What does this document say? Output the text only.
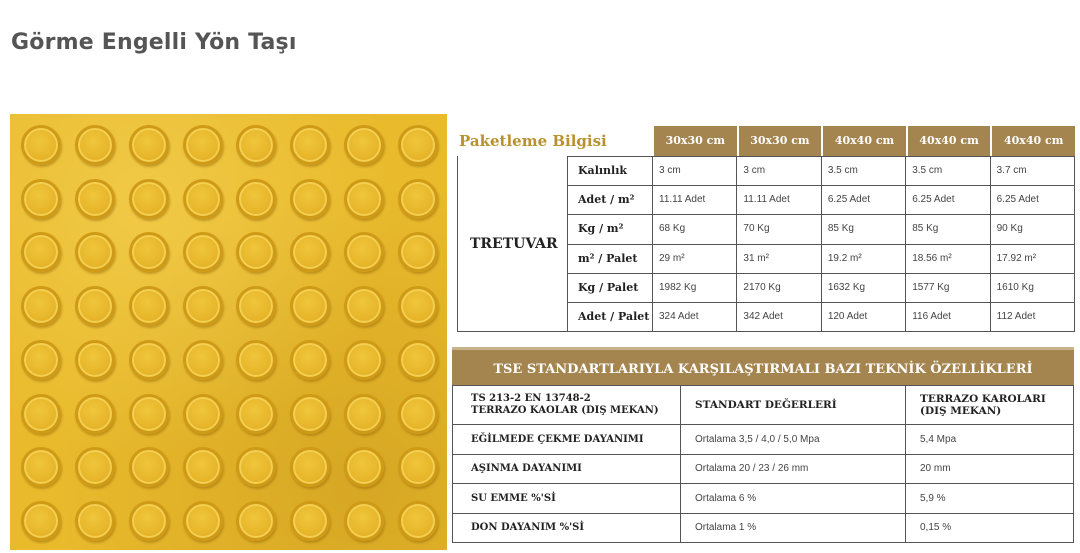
Görme Engelli Yön Taşı
Paketleme Bilgisi	30x30 cm	30x30 cm	40x40 cm	40x40 cm	40x40 cm
TRETUVAR
Kalınlık	3 cm	3 cm	3.5 cm	3.5 cm	3.7 cm
Adet / m²	11.11 Adet	11.11 Adet	6.25 Adet	6.25 Adet	6.25 Adet
Kg / m²	68 Kg	70 Kg	85 Kg	85 Kg	90 Kg
m² / Palet	29 m²	31 m²	19.2 m²	18.56 m²	17.92 m²
Kg / Palet	1982 Kg	2170 Kg	1632 Kg	1577 Kg	1610 Kg
Adet / Palet 324 Adet	342 Adet	120 Adet	116 Adet	112 Adet
TSE STANDARTLARIYLA KARŞILAŞTIRMALI BAZI TEKNİK ÖZELLİKLERİ
TS 213-2 EN 13748-2
TERRAZO KAOLAR (DIŞ MEKAN)	STANDART DEĞERLERİ	TERRAZO KAROLARI
(DIŞ MEKAN)
EĞİLMEDE ÇEKME DAYANIMI	Ortalama 3,5 / 4,0 / 5,0 Mpa	5,4 Mpa
AŞINMA DAYANIMI	Ortalama 20 / 23 / 26 mm	20 mm
SU EMME %'Sİ	Ortalama 6 %	5,9 %
DON DAYANIM %'Sİ	Ortalama 1 %	0,15 %
